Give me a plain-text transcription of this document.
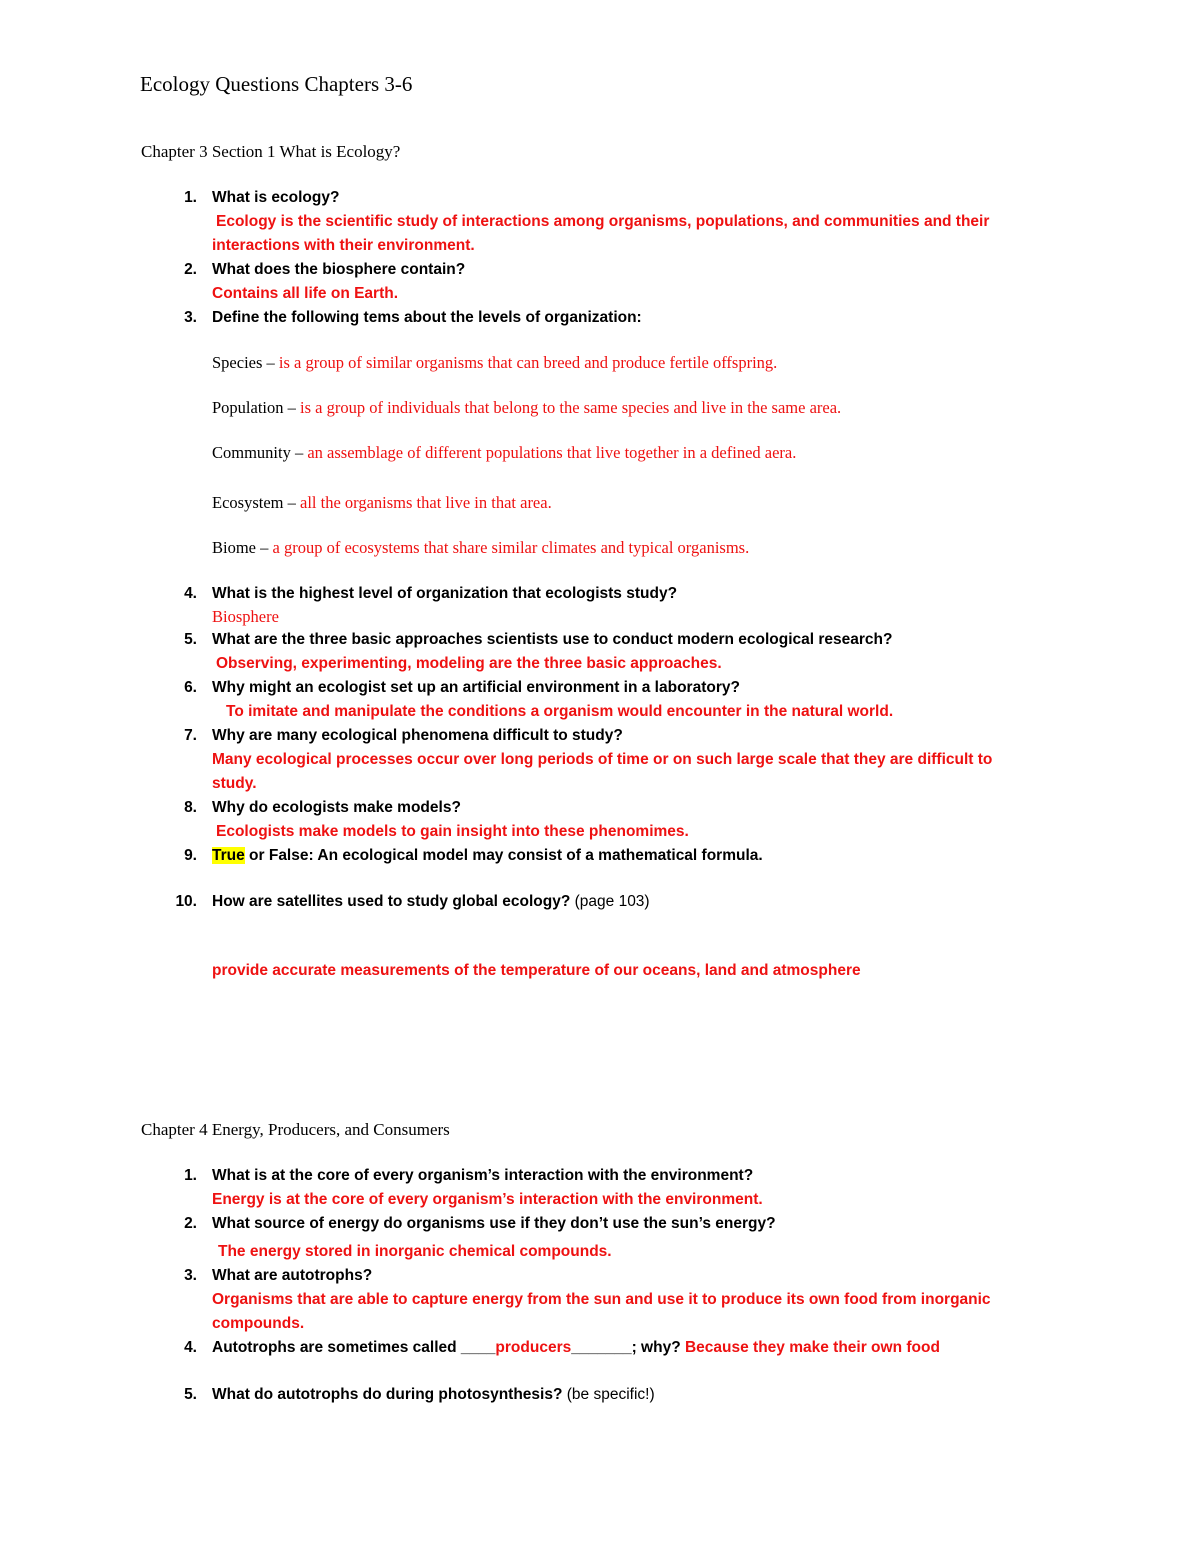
Ecology Questions Chapters 3-6
Chapter 3 Section 1 What is Ecology?
1. What is ecology?
Ecology is the scientific study of interactions among organisms, populations, and communities and their
interactions with their environment.
2. What does the biosphere contain?
Contains all life on Earth.
3. Define the following tems about the levels of organization:
Species – is a group of similar organisms that can breed and produce fertile offspring.
Population – is a group of individuals that belong to the same species and live in the same area.
Community – an assemblage of different populations that live together in a defined aera.
Ecosystem – all the organisms that live in that area.
Biome – a group of ecosystems that share similar climates and typical organisms.
4. What is the highest level of organization that ecologists study?
Biosphere
5. What are the three basic approaches scientists use to conduct modern ecological research?
Observing, experimenting, modeling are the three basic approaches.
6. Why might an ecologist set up an artificial environment in a laboratory?
To imitate and manipulate the conditions a organism would encounter in the natural world.
7. Why are many ecological phenomena difficult to study?
Many ecological processes occur over long periods of time or on such large scale that they are difficult to
study.
8. Why do ecologists make models?
Ecologists make models to gain insight into these phenomimes.
9. True or False: An ecological model may consist of a mathematical formula.
10. How are satellites used to study global ecology? (page 103)
provide accurate measurements of the temperature of our oceans, land and atmosphere
Chapter 4 Energy, Producers, and Consumers
1. What is at the core of every organism’s interaction with the environment?
Energy is at the core of every organism’s interaction with the environment.
2. What source of energy do organisms use if they don’t use the sun’s energy?
The energy stored in inorganic chemical compounds.
3. What are autotrophs?
Organisms that are able to capture energy from the sun and use it to produce its own food from inorganic
compounds.
4. Autotrophs are sometimes called ____producers_______; why? Because they make their own food
5. What do autotrophs do during photosynthesis? (be specific!)
